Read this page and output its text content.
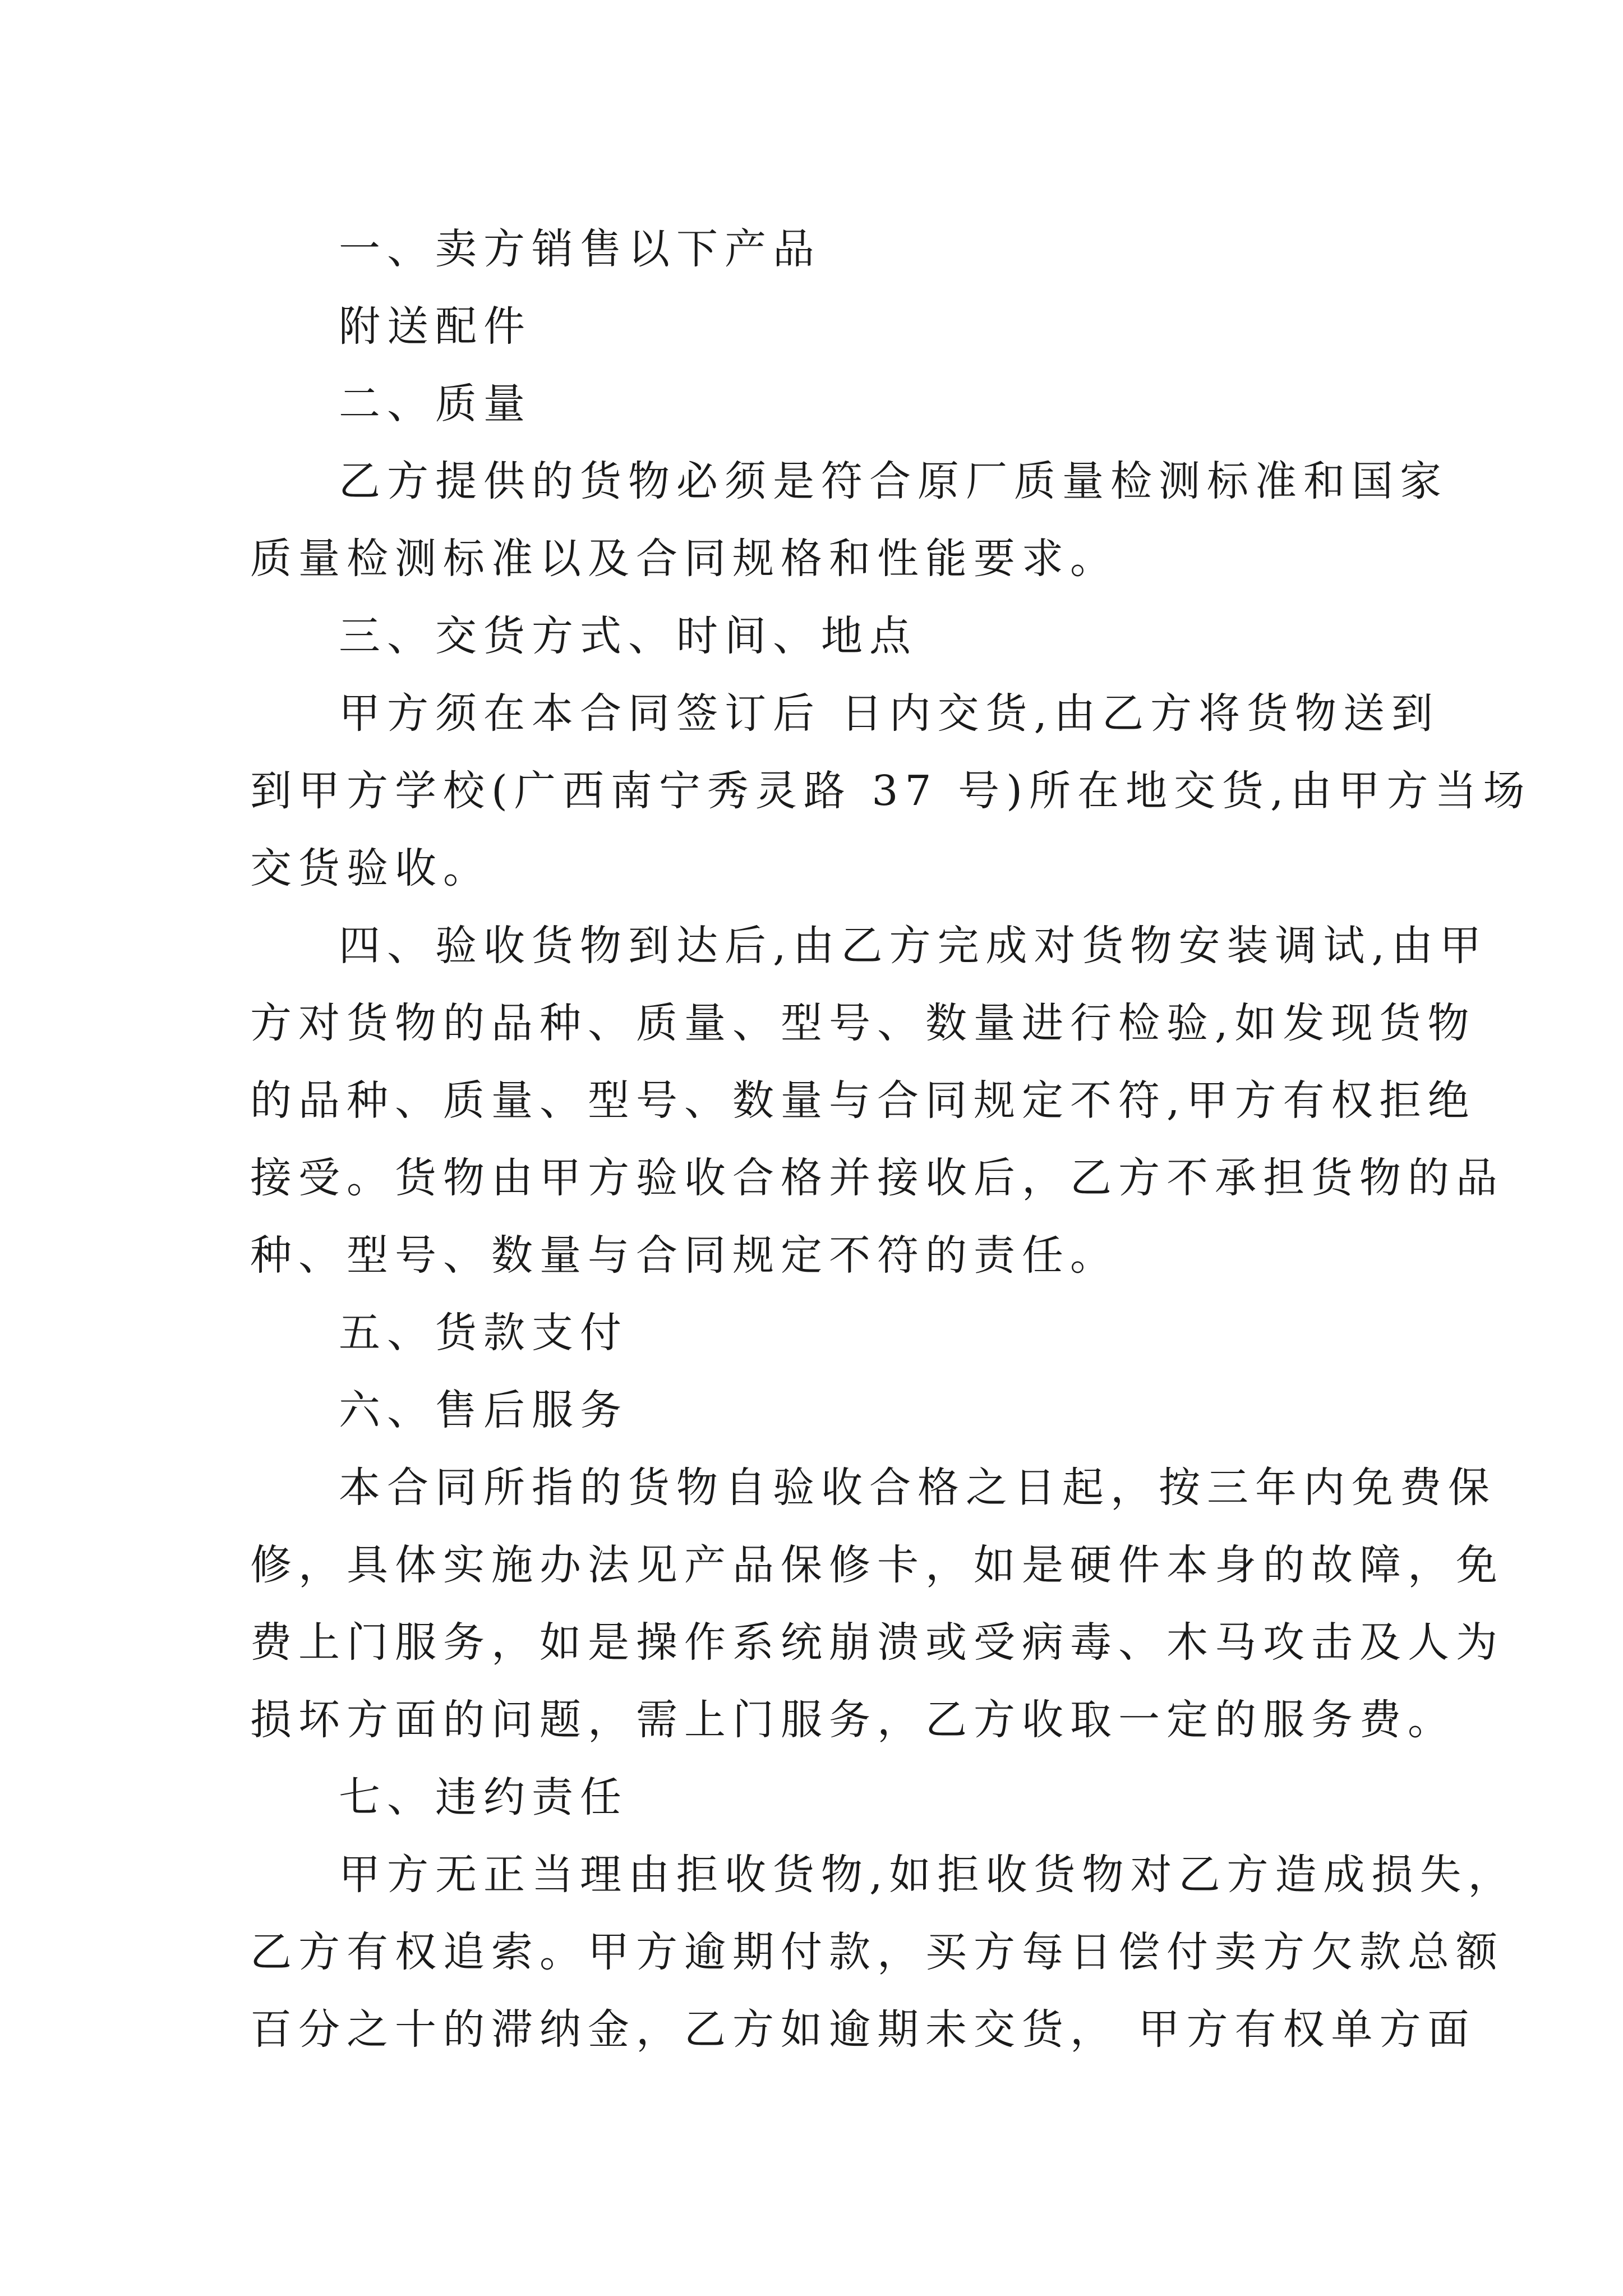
一、卖方销售以下产品

附送配件

二、质量

乙方提供的货物必须是符合原厂质量检测标准和国家

质量检测标准以及合同规格和性能要求。

三、交货方式、时间、地点

甲方须在本合同签订后 日内交货,由乙方将货物送到

到甲方学校(广西南宁秀灵路 37 号)所在地交货,由甲方当场

交货验收。

四、验收货物到达后,由乙方完成对货物安装调试,由甲

方对货物的品种、质量、型号、数量进行检验,如发现货物

的品种、质量、型号、数量与合同规定不符,甲方有权拒绝

接受。货物由甲方验收合格并接收后，乙方不承担货物的品

种、型号、数量与合同规定不符的责任。

五、货款支付

六、售后服务

本合同所指的货物自验收合格之日起，按三年内免费保

修，具体实施办法见产品保修卡，如是硬件本身的故障，免

费上门服务，如是操作系统崩溃或受病毒、木马攻击及人为

损坏方面的问题，需上门服务，乙方收取一定的服务费。

七、违约责任

甲方无正当理由拒收货物,如拒收货物对乙方造成损失，

乙方有权追索。甲方逾期付款，买方每日偿付卖方欠款总额

百分之十的滞纳金，乙方如逾期未交货， 甲方有权单方面
